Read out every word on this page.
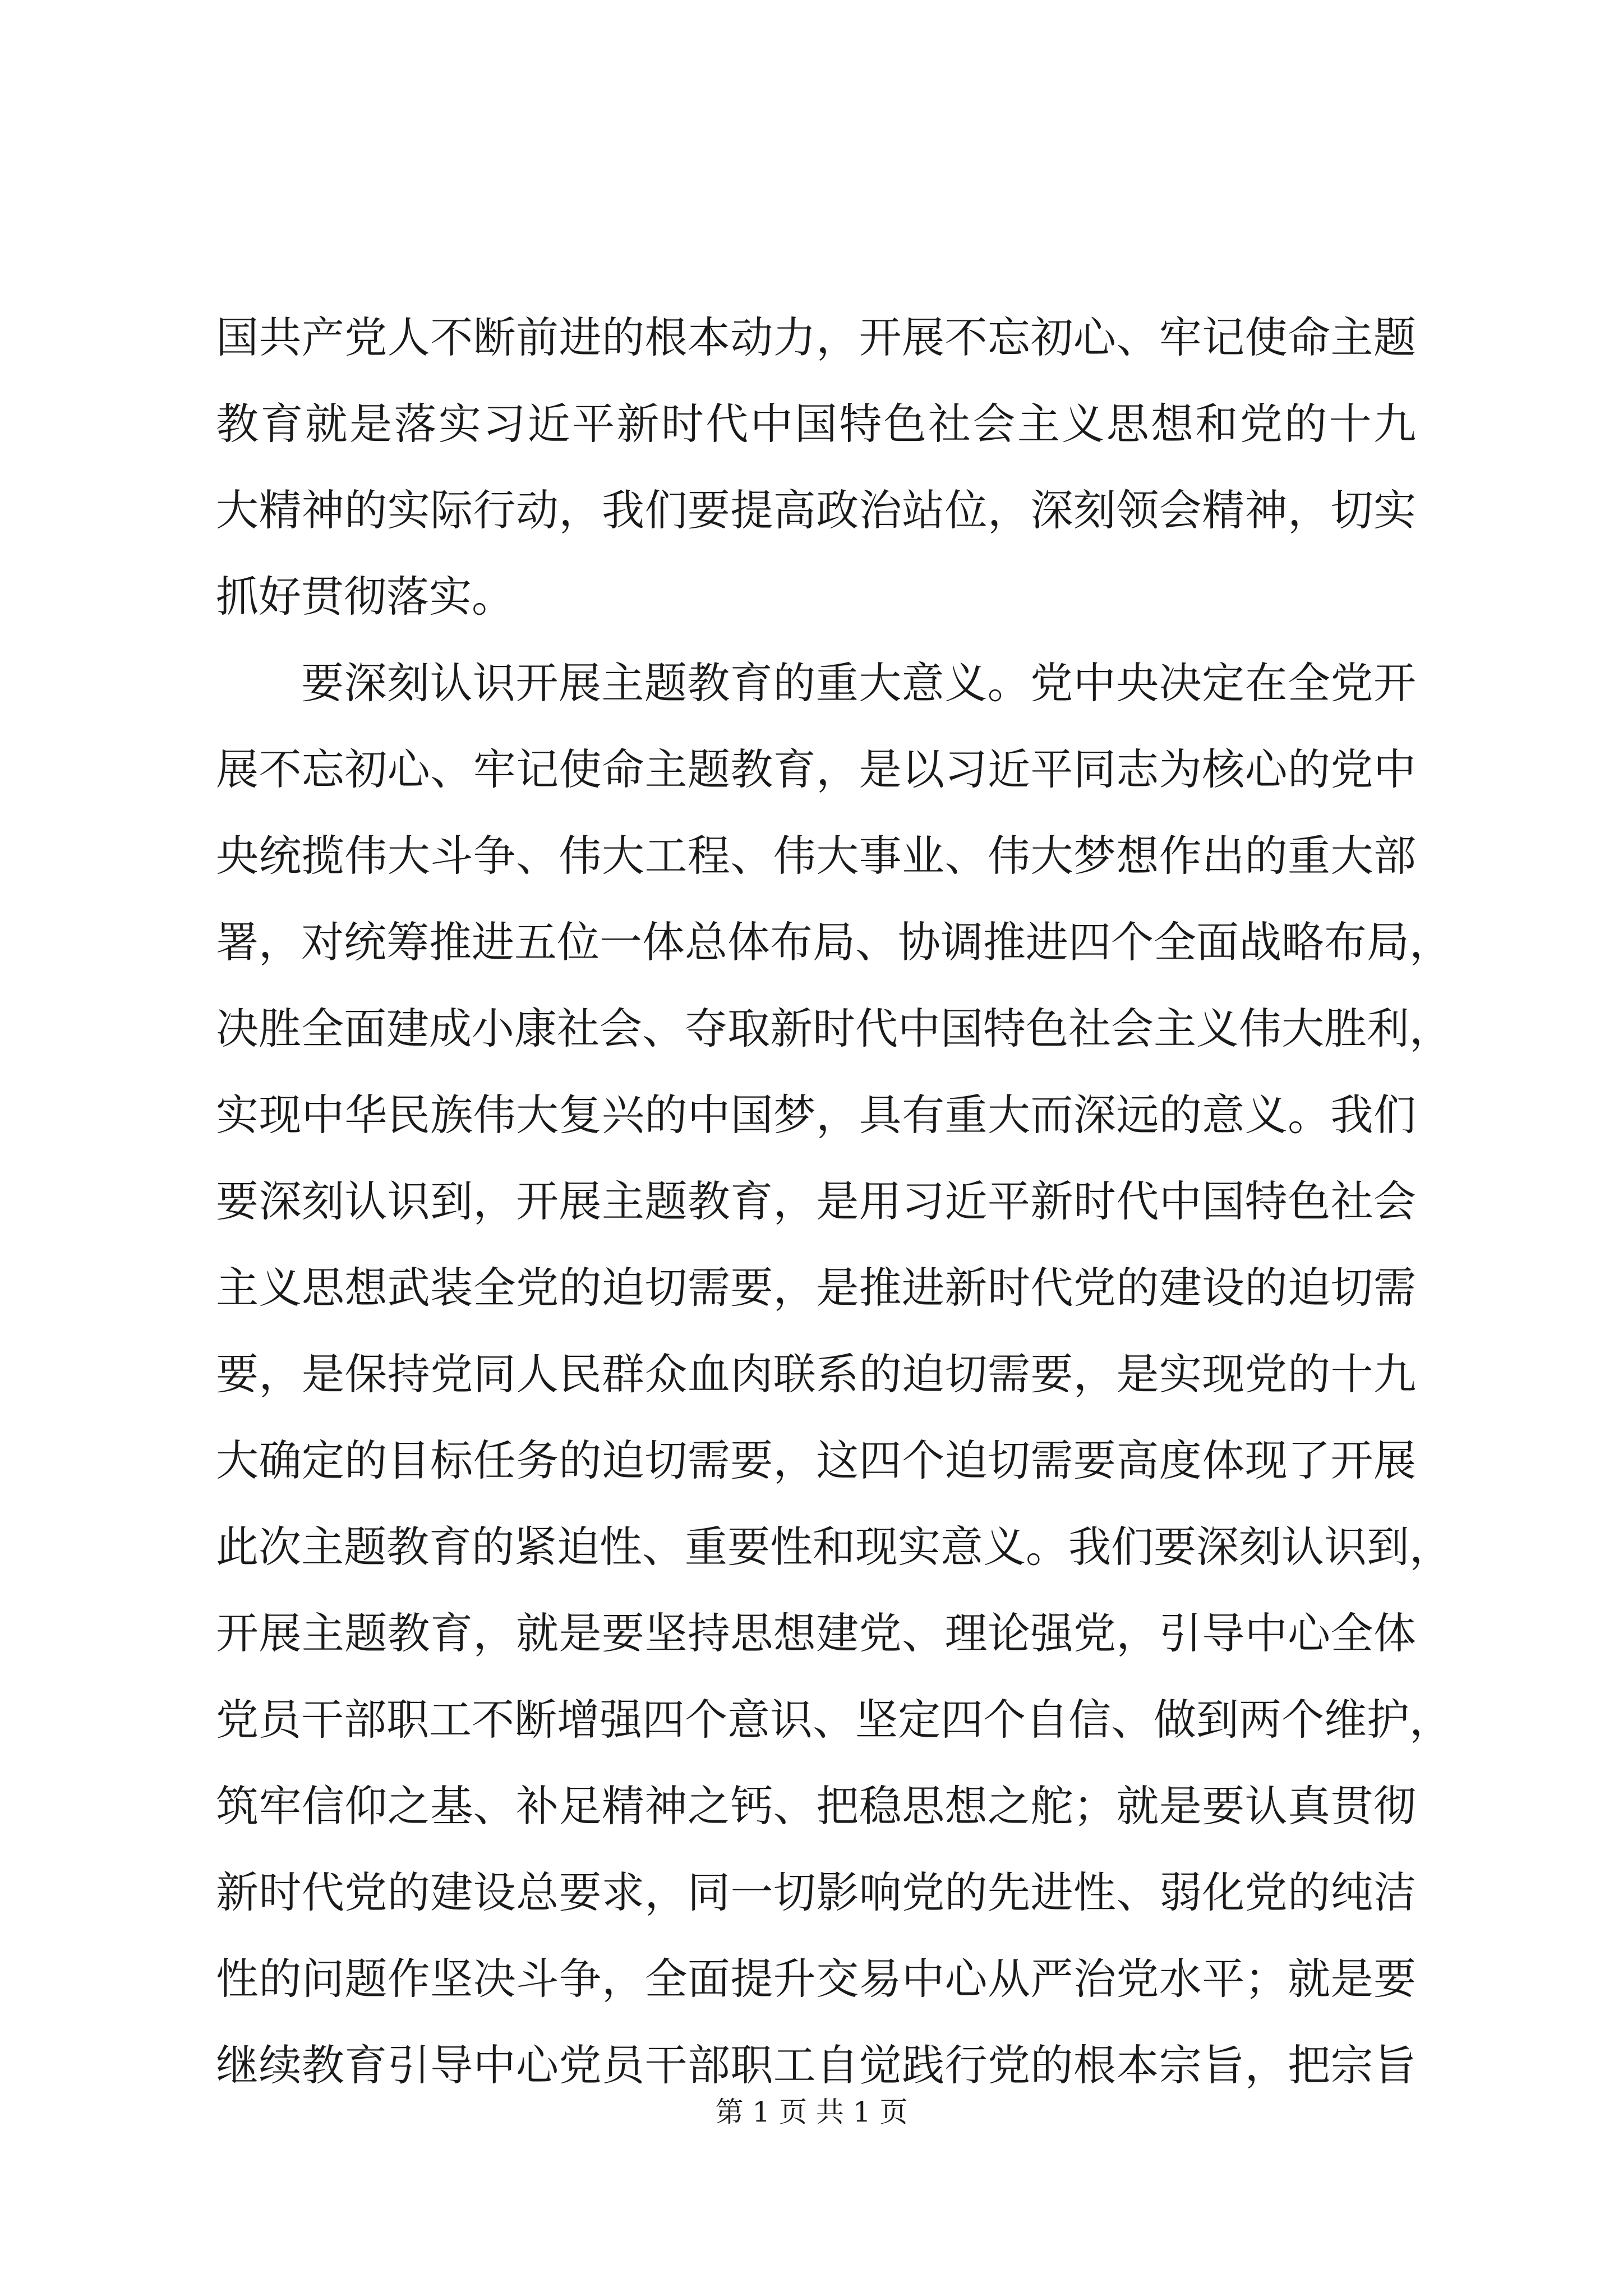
国共产党人不断前进的根本动力，开展不忘初心、牢记使命主题
教育就是落实习近平新时代中国特色社会主义思想和党的十九
大精神的实际行动，我们要提高政治站位，深刻领会精神，切实
抓好贯彻落实。
要深刻认识开展主题教育的重大意义。党中央决定在全党开
展不忘初心、牢记使命主题教育，是以习近平同志为核心的党中
央统揽伟大斗争、伟大工程、伟大事业、伟大梦想作出的重大部
署，对统筹推进五位一体总体布局、协调推进四个全面战略布局，
决胜全面建成小康社会、夺取新时代中国特色社会主义伟大胜利，
实现中华民族伟大复兴的中国梦，具有重大而深远的意义。我们
要深刻认识到，开展主题教育，是用习近平新时代中国特色社会
主义思想武装全党的迫切需要，是推进新时代党的建设的迫切需
要，是保持党同人民群众血肉联系的迫切需要，是实现党的十九
大确定的目标任务的迫切需要，这四个迫切需要高度体现了开展
此次主题教育的紧迫性、重要性和现实意义。我们要深刻认识到，
开展主题教育，就是要坚持思想建党、理论强党，引导中心全体
党员干部职工不断增强四个意识、坚定四个自信、做到两个维护，
筑牢信仰之基、补足精神之钙、把稳思想之舵；就是要认真贯彻
新时代党的建设总要求，同一切影响党的先进性、弱化党的纯洁
性的问题作坚决斗争，全面提升交易中心从严治党水平；就是要
继续教育引导中心党员干部职工自觉践行党的根本宗旨，把宗旨
第 1 页 共 1 页
